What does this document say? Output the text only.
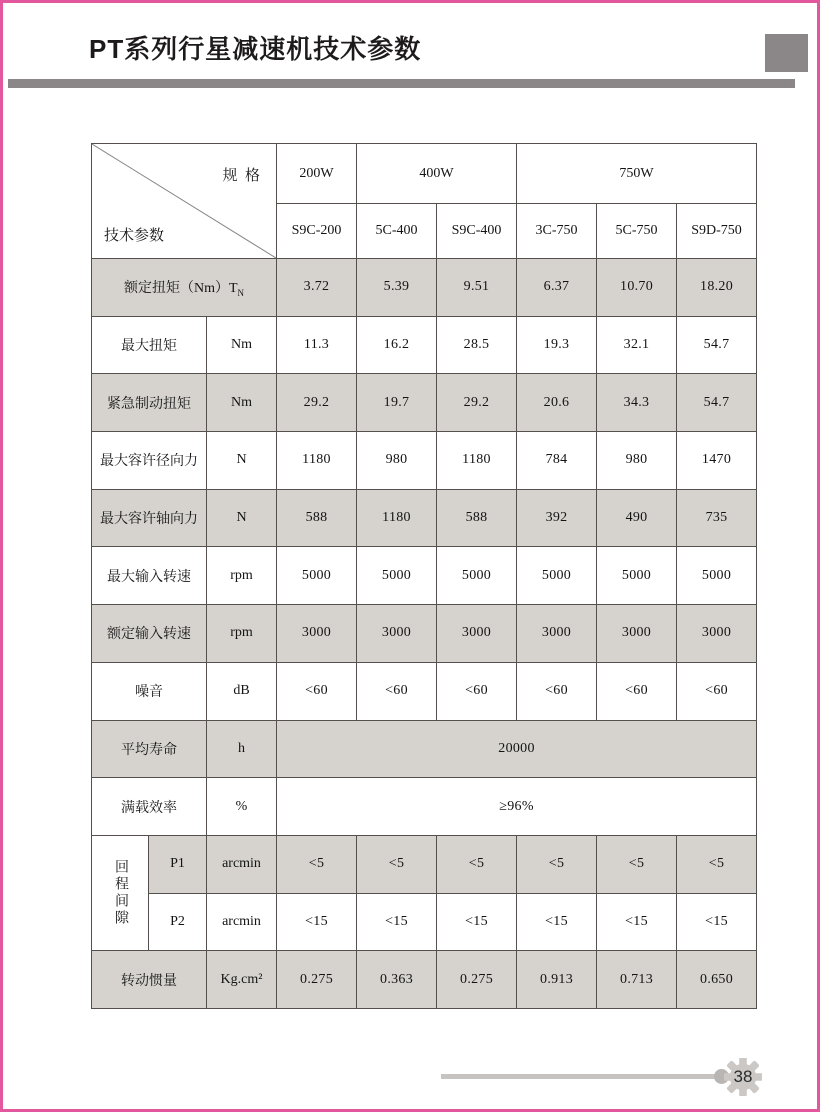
PT系列行星减速机技术参数
规  格
技术参数			200W	400W		750W		
			S9C-200	5C-400	S9C-400	3C-750	5C-750	S9D-750
额定扭矩$(Nm)T_N$			3.72	5.39	9.51	6.37	10.70	18.20
最大扭矩		Nm	11.3	16.2	28.5	19.3	32.1	54.7
紧急制动扭矩		Nm	29.2	19.7	29.2	20.6	34.3	54.7
最大容许径向力		N	1180	980	1180	784	980	1470
最大容许轴向力		N	588	1180	588	392	490	735
最大输入转速		rpm	5000	5000	5000	5000	5000	5000
额定输入转速		rpm	3000	3000	3000	3000	3000	3000
噪音		dB	<60	<60	<60	<60	<60	<60
平均寿命		h	20000					
满载效率		%	≥96%					
回程间隙	P1	arcmin	<5	<5	<5	<5	<5	<5
	P2	arcmin	<15	<15	<15	<15	<15	<15
转动惯量		Kg.cm²	0.275	0.363	0.275	0.913	0.713	0.650
38
